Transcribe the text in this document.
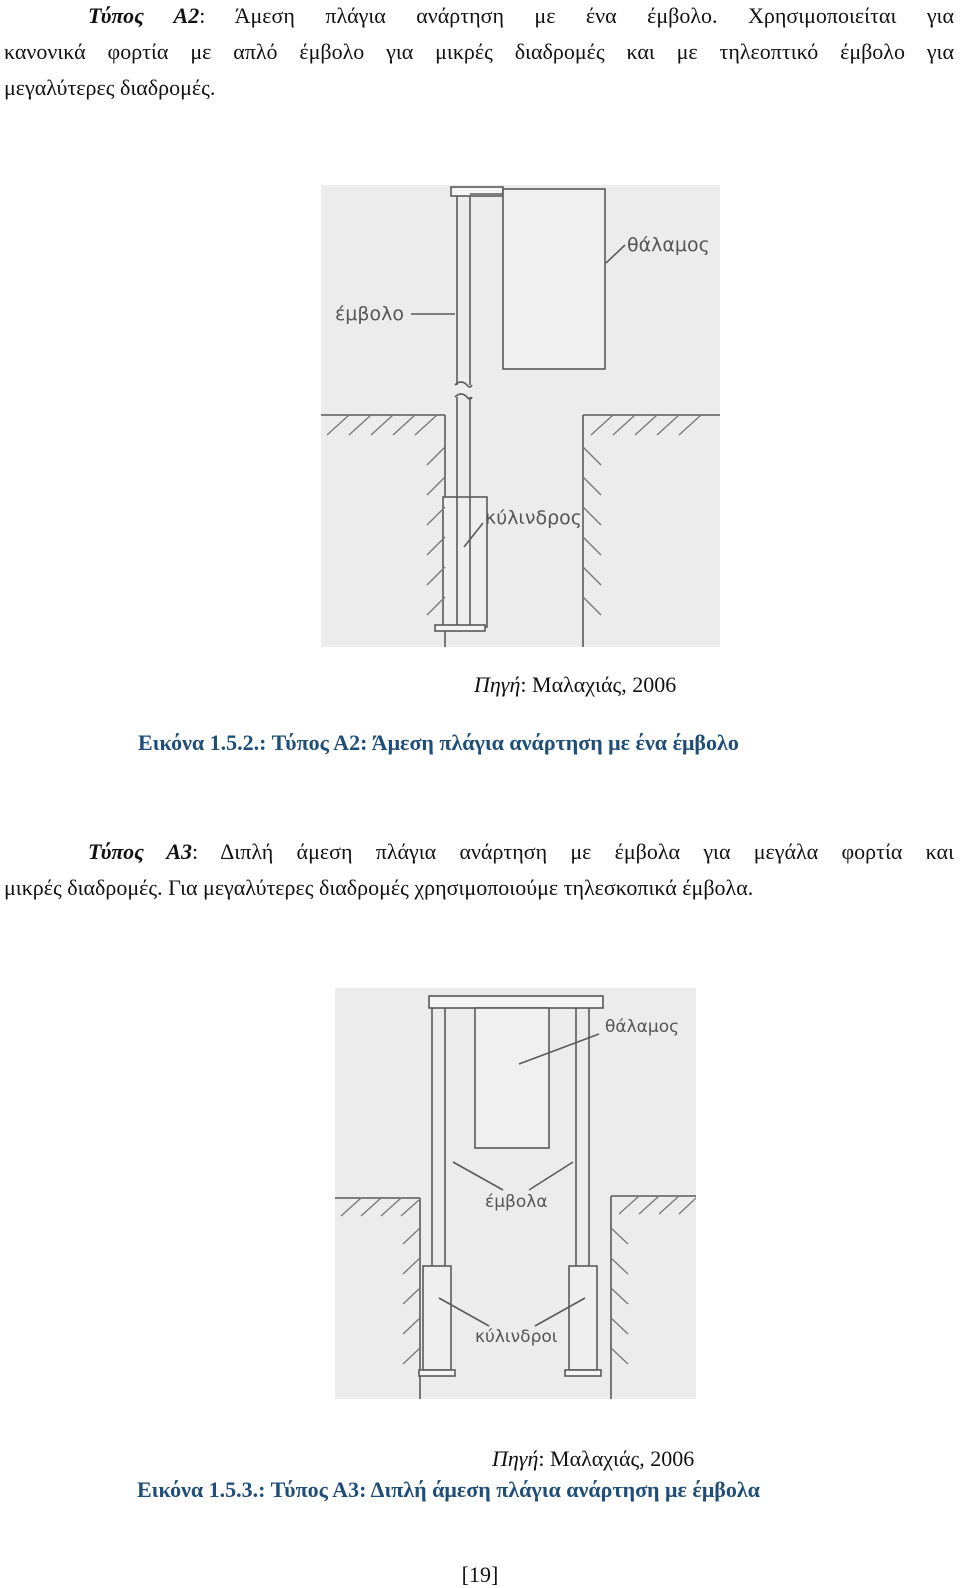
Τύπος Α2: Άμεση πλάγια ανάρτηση με ένα έμβολο. Χρησιμοποιείται για
κανονικά φορτία με απλό έμβολο για μικρές διαδρομές και με τηλεοπτικό έμβολο για
μεγαλύτερες διαδρομές.
θάλαμος
έμβολο
κύλινδρος
Πηγή: Μαλαχιάς, 2006
Εικόνα 1.5.2.: Τύπος Α2: Άμεση πλάγια ανάρτηση με ένα έμβολο
Τύπος Α3: Διπλή άμεση πλάγια ανάρτηση με έμβολα για μεγάλα φορτία και
μικρές διαδρομές. Για μεγαλύτερες διαδρομές χρησιμοποιούμε τηλεσκοπικά έμβολα.
θάλαμος
έμβολα
κύλινδροι
Πηγή: Μαλαχιάς, 2006
Εικόνα 1.5.3.: Τύπος Α3: Διπλή άμεση πλάγια ανάρτηση με έμβολα
[19]
